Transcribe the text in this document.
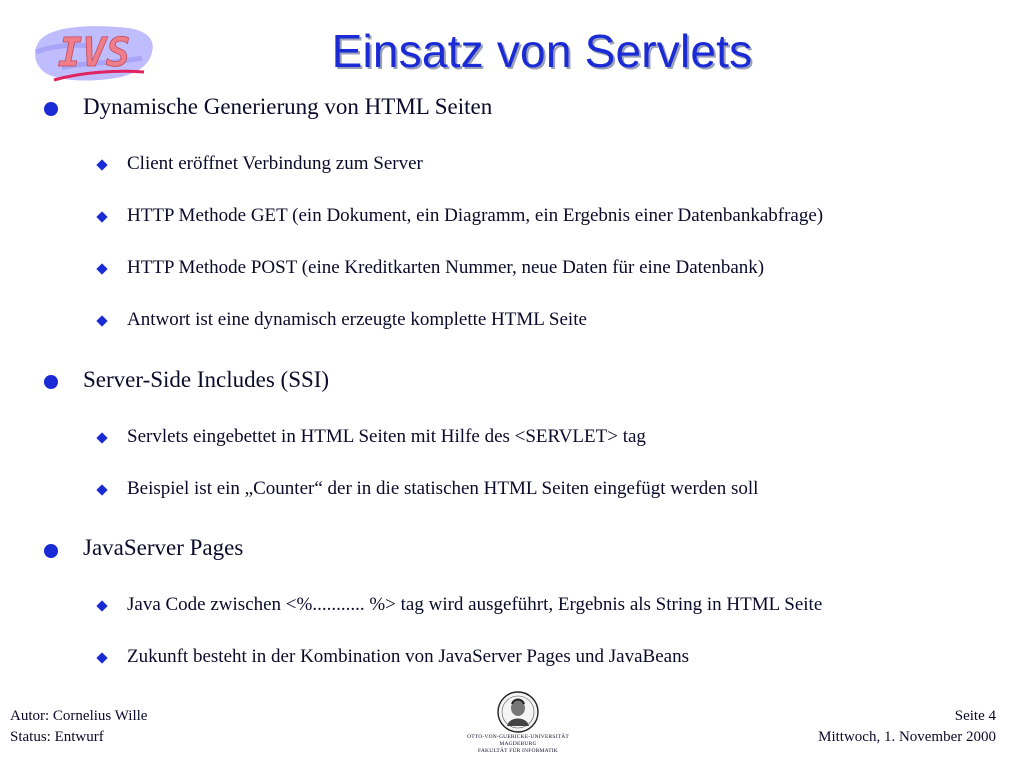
IVS	Einsatz von Servlets
Dynamische Generierung von HTML Seiten
Client eröffnet Verbindung zum Server
HTTP Methode GET (ein Dokument, ein Diagramm, ein Ergebnis einer Datenbankabfrage)
HTTP Methode POST (eine Kreditkarten Nummer, neue Daten für eine Datenbank)
Antwort ist eine dynamisch erzeugte komplette HTML Seite
Server-Side Includes (SSI)
Servlets eingebettet in HTML Seiten mit Hilfe des <SERVLET> tag
Beispiel ist ein „Counter“ der in die statischen HTML Seiten eingefügt werden soll
JavaServer Pages
Java Code zwischen <%........... %> tag wird ausgeführt, Ergebnis als String in HTML Seite
Zukunft besteht in der Kombination von JavaServer Pages und JavaBeans
Autor: Cornelius Wille
Status: Entwurf	OTTO-VON-GUERICKE-UNIVERSITÄT MAGDEBURG
FAKULTÄT FÜR INFORMATIK
Seite 4
Mittwoch, 1. November 2000
